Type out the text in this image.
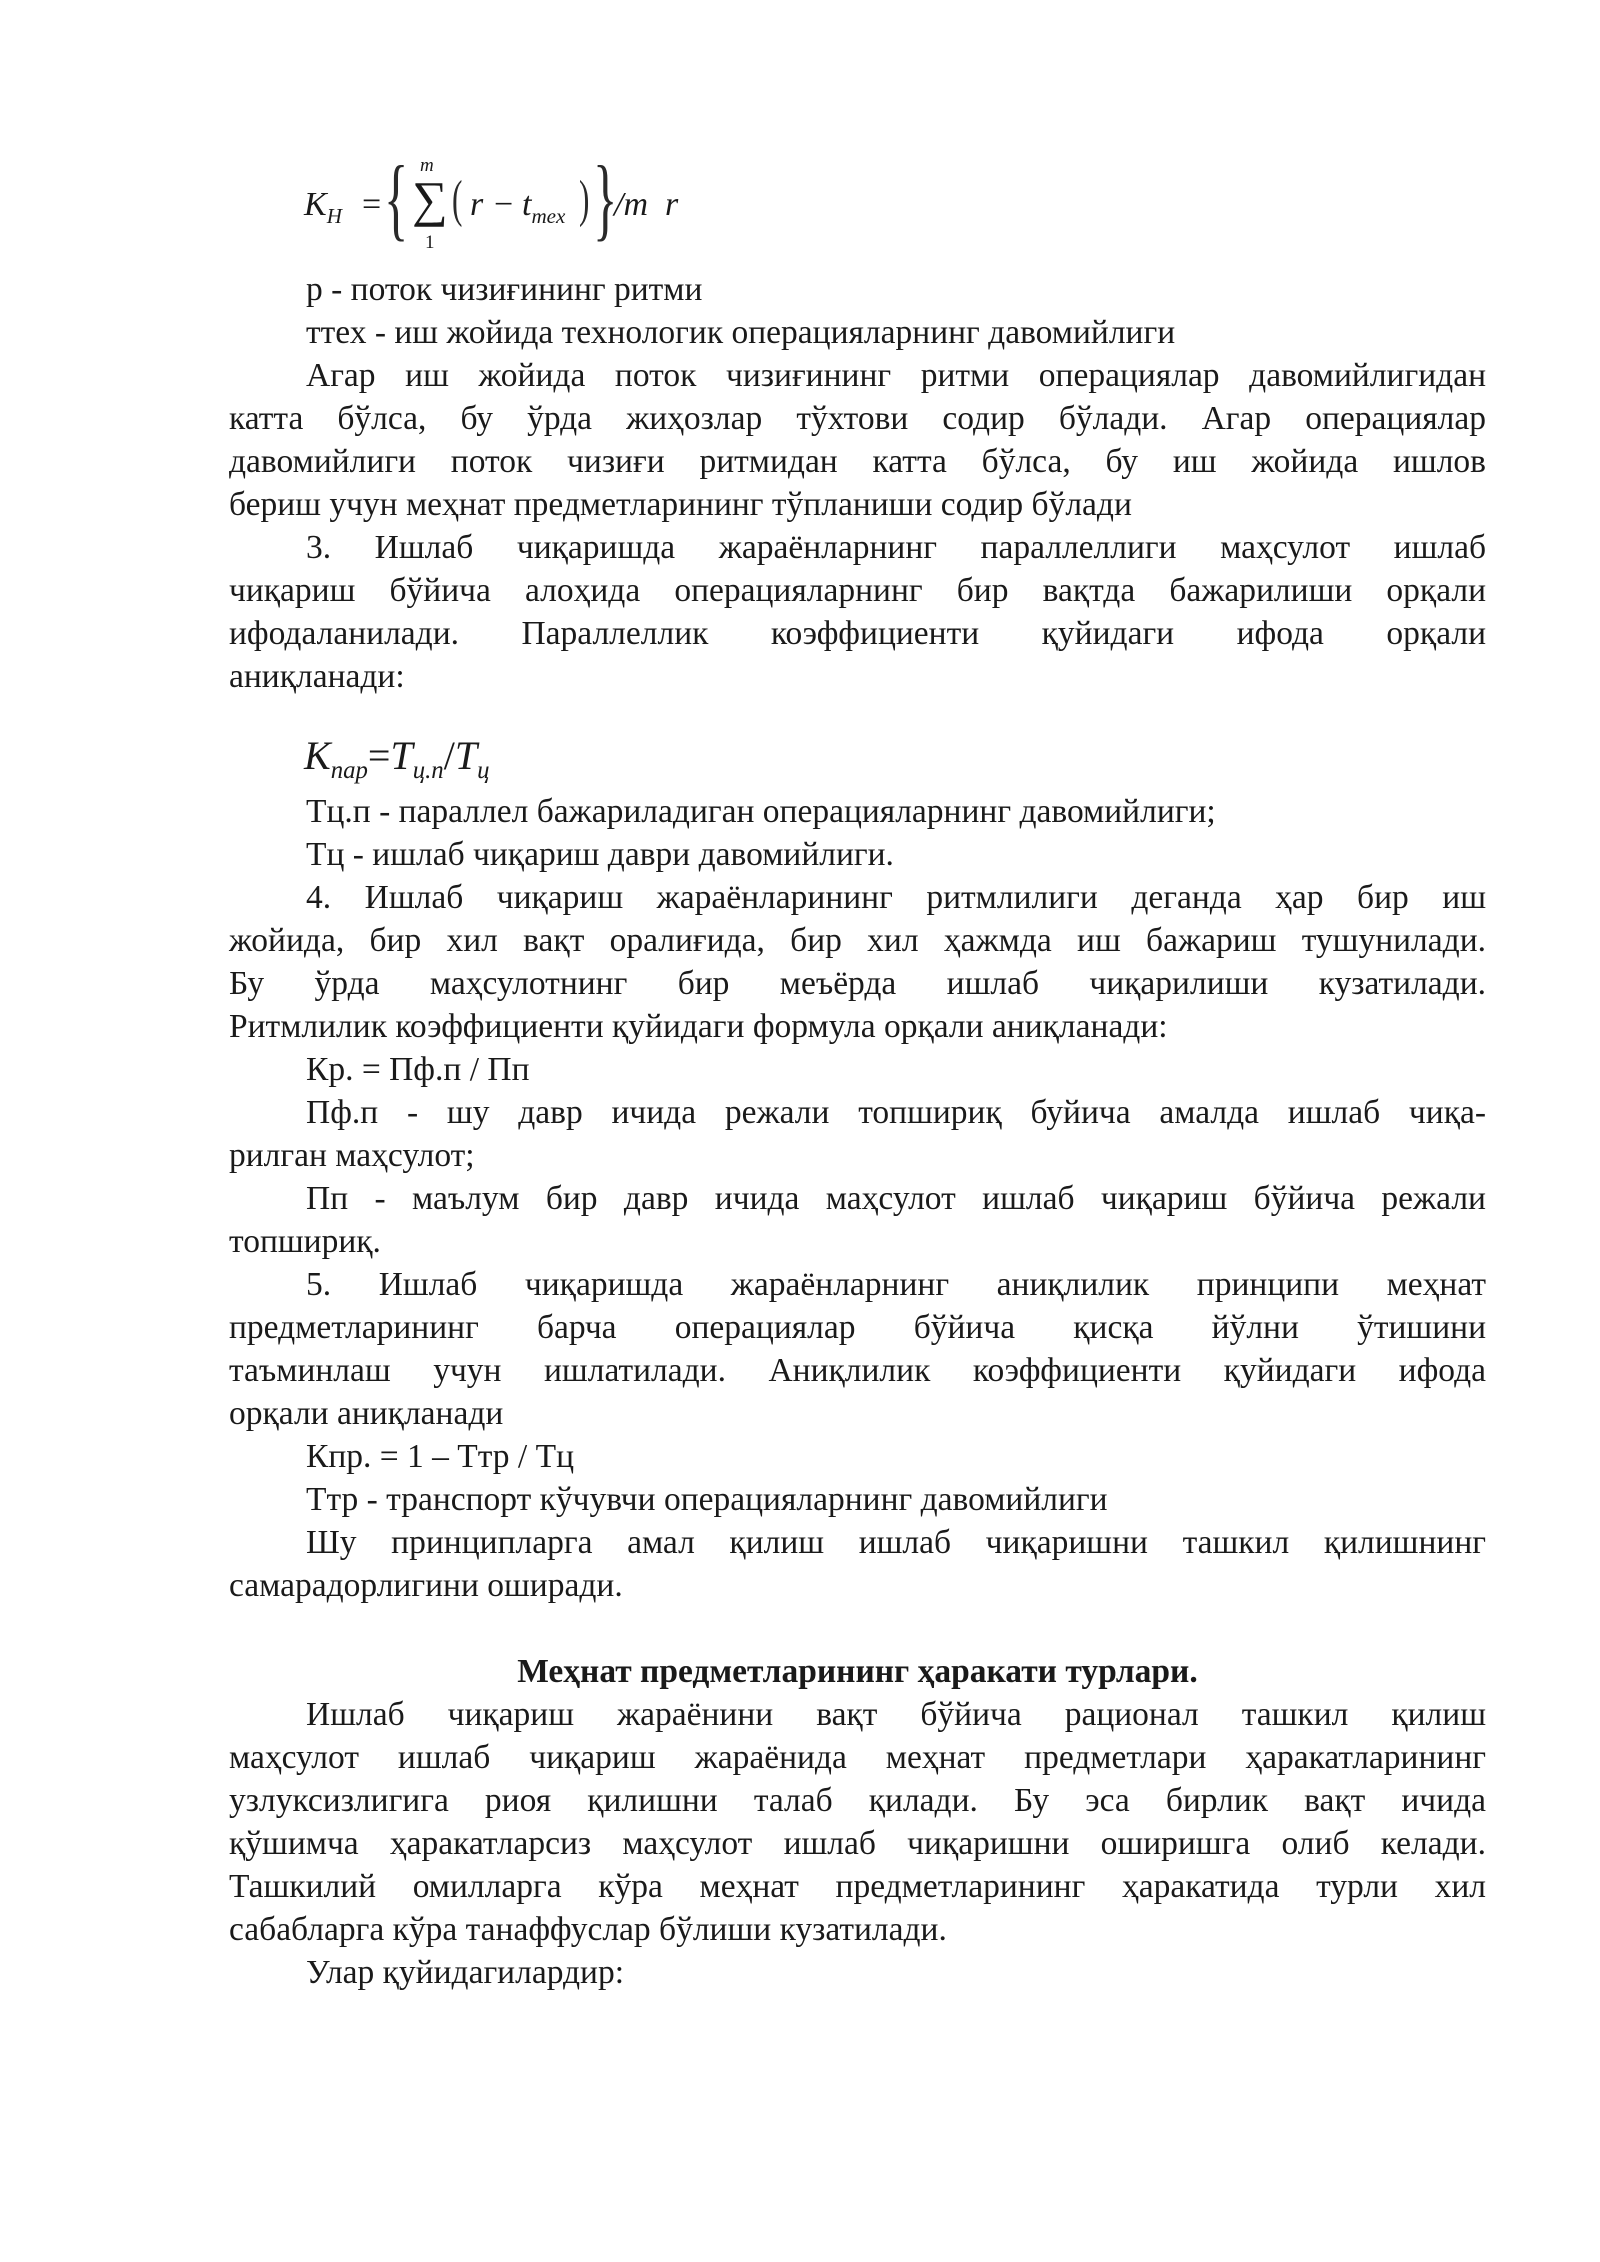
$K_H$ = { m
∑
1
( $r - t_{mex}$ ) }
/m  r
р - поток чизиғининг ритми
ттех - иш жойида технологик операцияларнинг давомийлиги
Агар иш жойида поток чизиғининг ритми операциялар давомийлигидан
катта бўлса, бу ўрда жиҳозлар тўхтови содир бўлади. Агар операциялар
давомийлиги поток чизиғи ритмидан катта бўлса, бу иш жойида ишлов
бериш учун меҳнат предметларининг тўпланиши содир бўлади
3. Ишлаб чиқаришда жараёнларнинг параллеллиги маҳсулот ишлаб
чиқариш бўйича алоҳида операцияларнинг бир вақтда бажарилиши орқали
ифодаланилади. Параллеллик коэффициенти қуйидаги ифода орқали
аниқланади:
Тц.п - параллел бажариладиган операцияларнинг давомийлиги;
Тц - ишлаб чиқариш даври давомийлиги.
4. Ишлаб чиқариш жараёнларининг ритмлилиги деганда ҳар бир иш
жойида, бир хил вақт оралиғида, бир хил ҳажмда иш бажариш тушунилади.
Бу ўрда маҳсулотнинг бир меъёрда ишлаб чиқарилиши кузатилади.
Ритмлилик коэффициенти қуйидаги формула орқали аниқланади:
Кр. = Пф.п / Пп
Пф.п - шу давр ичида режали топшириқ буйича амалда ишлаб чиқа-
рилган маҳсулот;
Пп - маълум бир давр ичида маҳсулот ишлаб чиқариш бўйича режали
топшириқ.
5. Ишлаб чиқаришда жараёнларнинг аниқлилик принципи меҳнат
предметларининг барча операциялар бўйича қисқа йўлни ўтишини
таъминлаш учун ишлатилади. Аниқлилик коэффициенти қуйидаги ифода
орқали аниқланади
Кпр. = 1 – Ттр / Тц
Ттр - транспорт кўчувчи операцияларнинг давомийлиги
Шу принципларга амал қилиш ишлаб чиқаришни ташкил қилишнинг
самарадорлигини оширади.
Меҳнат предметларининг ҳаракати турлари.
Ишлаб чиқариш жараёнини вақт бўйича рационал ташкил қилиш
маҳсулот ишлаб чиқариш жараёнида меҳнат предметлари ҳаракатларининг
узлуксизлигига риоя қилишни талаб қилади. Бу эса бирлик вақт ичида
қўшимча ҳаракатларсиз маҳсулот ишлаб чиқаришни оширишга олиб келади.
Ташкилий омилларга кўра меҳнат предметларининг ҳаракатида турли хил
сабабларга кўра танаффуслар бўлиши кузатилади.
Улар қуйидагилардир:
$K_{пар}=T_{ц.п}/T_ц$
